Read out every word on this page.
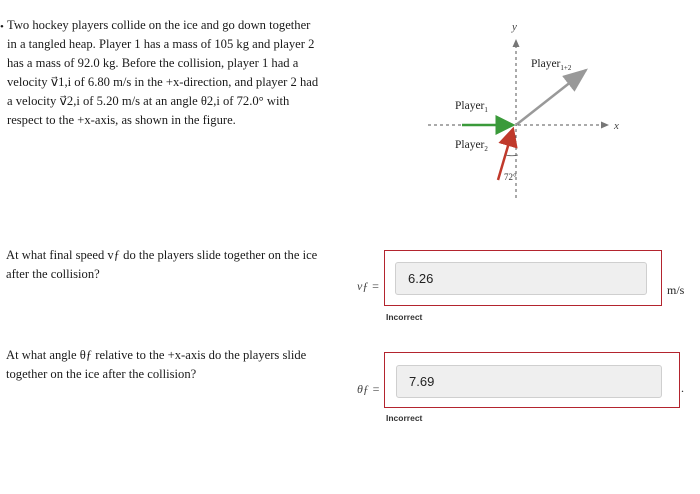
• Two hockey players collide on the ice and go down together
in a tangled heap. Player 1 has a mass of 105 kg and player 2
has a mass of 92.0 kg. Before the collision, player 1 had a
velocity v⃗1,i of 6.80 m/s in the +x-direction, and player 2 had
a velocity v⃗2,i of 5.20 m/s at an angle θ2,i of 72.0° with
respect to the +x-axis, as shown in the figure.
y
x
72°
Player$_1$
Player$_2$
Player$_{1+2}$
At what final speed vƒ do the players slide together on the ice after the collision?
vƒ =	6.26
m/s
Incorrect
At what angle θƒ relative to the +x-axis do the players slide together on the ice after the collision?
θƒ =	7.69	.
Incorrect
